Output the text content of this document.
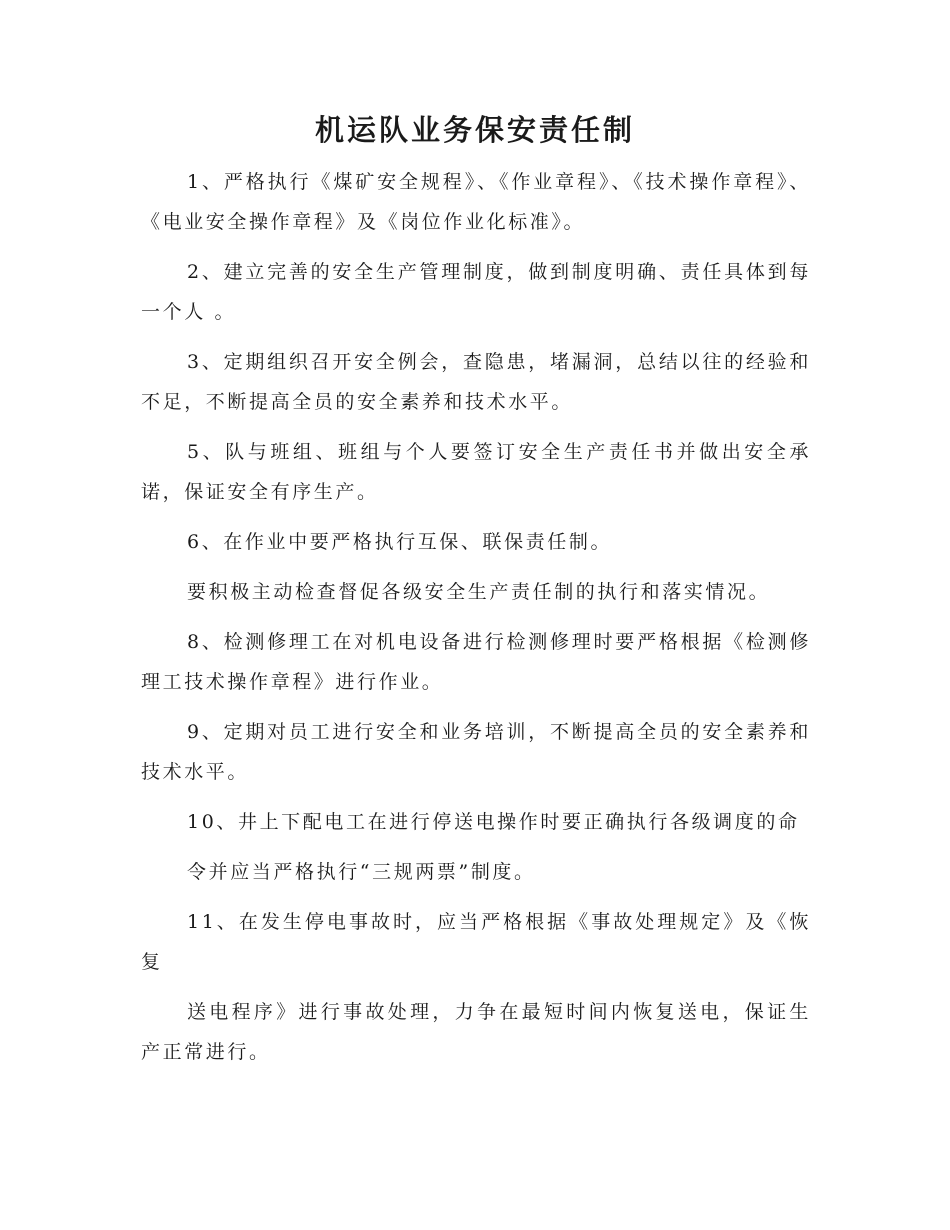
机运队业务保安责任制

1、严格执行《煤矿安全规程》、《作业章程》、《技术操作章程》、《电业安全操作章程》及《岗位作业化标准》。

2、建立完善的安全生产管理制度，做到制度明确、责任具体到每一个人 。

3、定期组织召开安全例会，查隐患，堵漏洞，总结以往的经验和不足，不断提高全员的安全素养和技术水平。

5、队与班组、班组与个人要签订安全生产责任书并做出安全承诺，保证安全有序生产。

6、在作业中要严格执行互保、联保责任制。

要积极主动检查督促各级安全生产责任制的执行和落实情况。

8、检测修理工在对机电设备进行检测修理时要严格根据《检测修理工技术操作章程》进行作业。

9、定期对员工进行安全和业务培训，不断提高全员的安全素养和技术水平。

10、井上下配电工在进行停送电操作时要正确执行各级调度的命

令并应当严格执行“三规两票”制度。

11、在发生停电事故时，应当严格根据《事故处理规定》及《恢复

送电程序》进行事故处理，力争在最短时间内恢复送电，保证生产正常进行。
